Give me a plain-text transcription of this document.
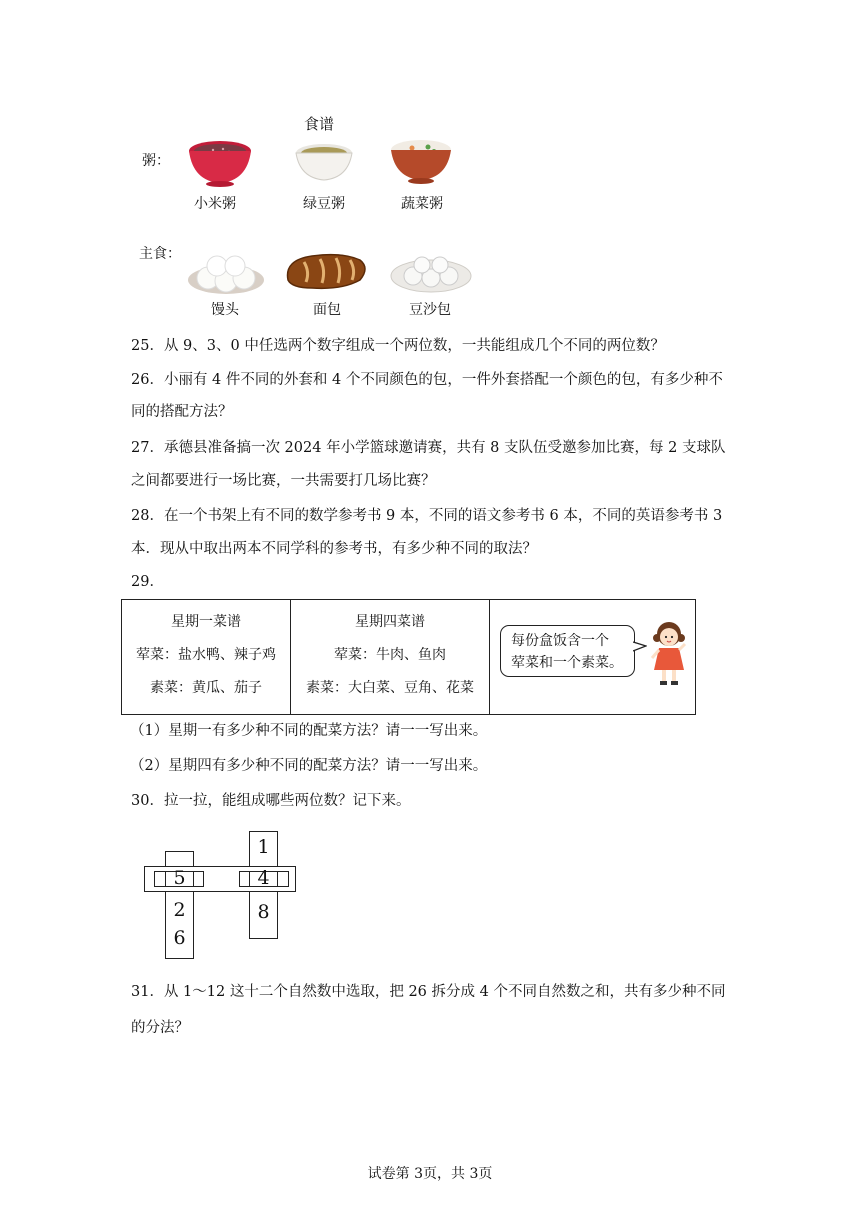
食谱
粥：
主食：
小米粥	绿豆粥	蔬菜粥
馒头	面包	豆沙包
25．从 9、3、0 中任选两个数字组成一个两位数，一共能组成几个不同的两位数？
26．小丽有 4 件不同的外套和 4 个不同颜色的包，一件外套搭配一个颜色的包，有多少种不
同的搭配方法？
27．承德县准备搞一次 2024 年小学篮球邀请赛，共有 8 支队伍受邀参加比赛，每 2 支球队
之间都要进行一场比赛，一共需要打几场比赛？
28．在一个书架上有不同的数学参考书 9 本，不同的语文参考书 6 本，不同的英语参考书 3
本．现从中取出两本不同学科的参考书，有多少种不同的取法？
29．
星期一菜谱
荤菜：盐水鸭、辣子鸡
素菜：黄瓜、茄子

星期四菜谱
荤菜：牛肉、鱼肉
素菜：大白菜、豆角、花菜

每份盒饭含一个
荤菜和一个素菜。
（1）星期一有多少种不同的配菜方法？请一一写出来。
（2）星期四有多少种不同的配菜方法？请一一写出来。
30．拉一拉，能组成哪些两位数？记下来。
5
2
6
1
4
8
31．从 1～12 这十二个自然数中选取，把 26 拆分成 4 个不同自然数之和，共有多少种不同
的分法？
试卷第 3页，共 3页
